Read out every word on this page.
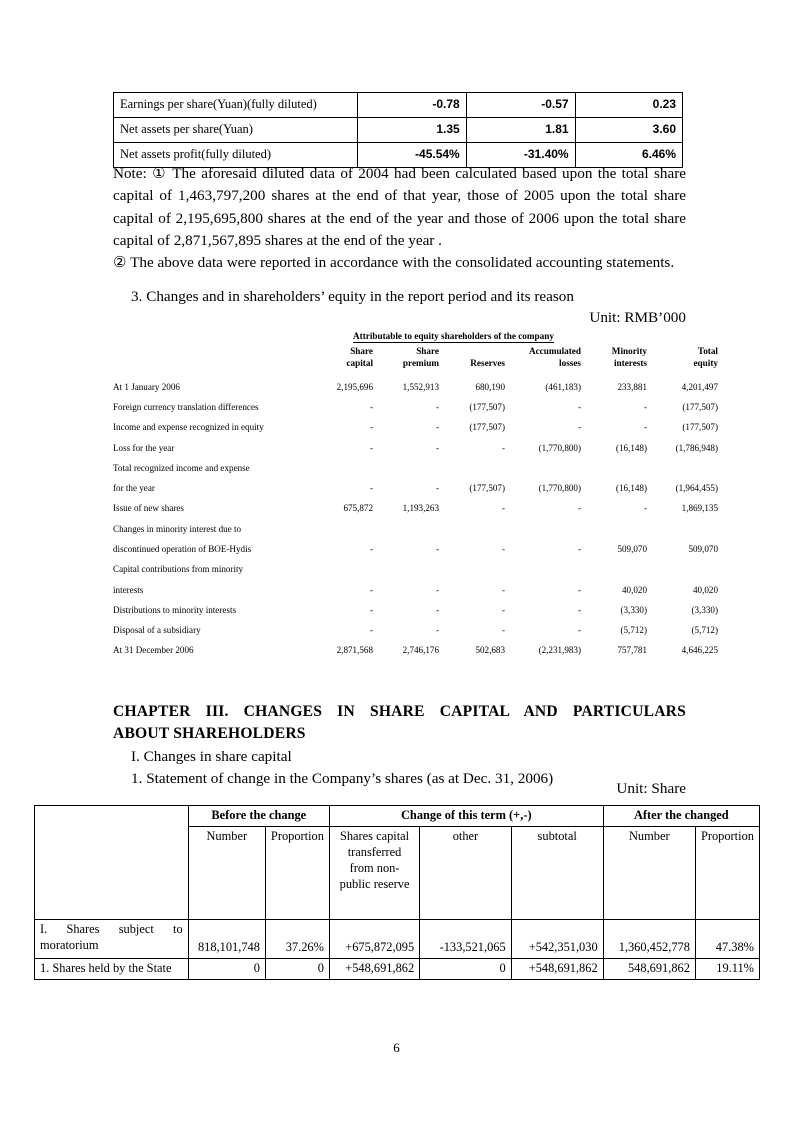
Earnings per share(Yuan)(fully diluted)	-0.78	-0.57	0.23
Net assets per share(Yuan)	1.35	1.81	3.60
Net assets profit(fully diluted)	-45.54%	-31.40%	6.46%

Note: ① The aforesaid diluted data of 2004 had been calculated based upon the total share capital of 1,463,797,200 shares at the end of that year, those of 2005 upon the total share capital of 2,195,695,800 shares at the end of the year and those of 2006 upon the total share capital of 2,871,567,895 shares at the end of the year .

② The above data were reported in accordance with the consolidated accounting statements.

3. Changes and in shareholders’ equity in the report period and its reason
Unit: RMB’000
Attributable to equity shareholders of the company
	Share	Share		Accumulated	Minority	Total
	capital	premium	Reserves	losses	interests	equity
At 1 January 2006	2,195,696	1,552,913	680,190	(461,183)	233,881	4,201,497
Foreign currency translation differences	-	-	(177,507)	-	-	(177,507)
Income and expense recognized in equity	-	-	(177,507)	-	-	(177,507)
Loss for the year	-	-	-	(1,770,800)	(16,148)	(1,786,948)
Total recognized income and expense						
for the year	-	-	(177,507)	(1,770,800)	(16,148)	(1,964,455)
Issue of new shares	675,872	1,193,263	-	-	-	1,869,135
Changes in minority interest due to						
discontinued operation of BOE-Hydis	-	-	-	-	509,070	509,070
Capital contributions from minority						
interests	-	-	-	-	40,020	40,020
Distributions to minority interests	-	-	-	-	(3,330)	(3,330)
Disposal of a subsidiary	-	-	-	-	(5,712)	(5,712)
At 31 December 2006	2,871,568	2,746,176	502,683	(2,231,983)	757,781	4,646,225
CHAPTER III. CHANGES IN SHARE CAPITAL AND PARTICULARS
ABOUT SHAREHOLDERS
I. Changes in share capital
1. Statement of change in the Company’s shares (as at Dec. 31, 2006)
Unit: Share
	Before the change		Change of this term (+,-)			After the changed	
	Number	Proportion	Shares capital transferred from non-public reserve	other	subtotal	Number	Proportion
I. Shares subject to moratorium	818,101,748	37.26%	+675,872,095	-133,521,065	+542,351,030	1,360,452,778	47.38%
1. Shares held by the State	0	0	+548,691,862	0	+548,691,862	548,691,862	19.11%
6
